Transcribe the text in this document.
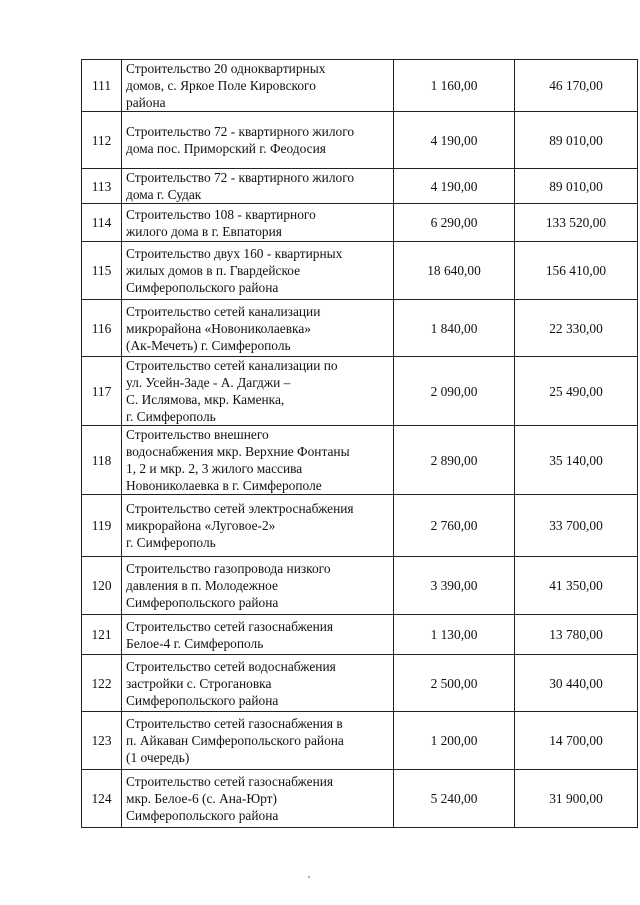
111	Строительство 20 одноквартирных
домов, с. Яркое Поле Кировского
района	1 160,00	46 170,00
112	Строительство 72 - квартирного жилого
дома пос. Приморский г. Феодосия	4 190,00	89 010,00
113	Строительство 72 - квартирного жилого
дома г. Судак	4 190,00	89 010,00
114	Строительство 108 - квартирного
жилого дома в г. Евпатория	6 290,00	133 520,00
115	Строительство двух 160 - квартирных
жилых домов в п. Гвардейское
Симферопольского района	18 640,00	156 410,00
116	Строительство сетей канализации
микрорайона «Новониколаевка»
(Ак-Мечеть) г. Симферополь	1 840,00	22 330,00
117	Строительство сетей канализации по
ул. Усейн-Заде - А. Дагджи –
С. Ислямова, мкр. Каменка,
г. Симферополь	2 090,00	25 490,00
118	Строительство внешнего
водоснабжения мкр. Верхние Фонтаны
1, 2 и мкр. 2, 3 жилого массива
Новониколаевка в г. Симферополе	2 890,00	35 140,00
119	Строительство сетей электроснабжения
микрорайона «Луговое-2»
г. Симферополь	2 760,00	33 700,00
120	Строительство газопровода низкого
давления в п. Молодежное
Симферопольского района	3 390,00	41 350,00
121	Строительство сетей газоснабжения
Белое-4 г. Симферополь	1 130,00	13 780,00
122	Строительство сетей водоснабжения
застройки с. Строгановка
Симферопольского района	2 500,00	30 440,00
123	Строительство сетей газоснабжения в
п. Айкаван Симферопольского района
(1 очередь)	1 200,00	14 700,00
124	Строительство сетей газоснабжения
мкр. Белое-6 (с. Ана-Юрт)
Симферопольского района	5 240,00	31 900,00
